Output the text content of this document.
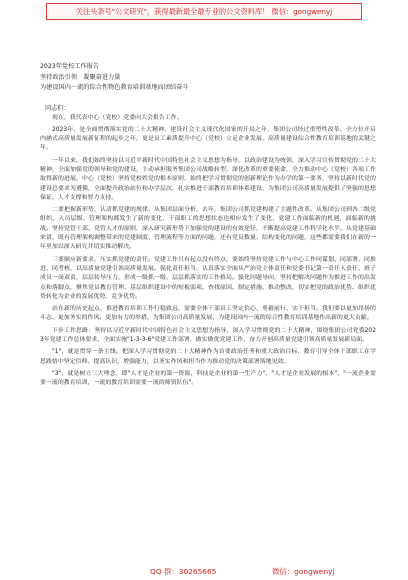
关注头条号"公文研究"，获得最新最全最专业的公文资料库！ 微信：gongwenyj
2023年党校工作报告
坚持政治引领　凝聚奋进力量
为建设国内一流的综合性物色教育培训基地而团结奋斗
同志们：

现在，我代表中心（党校）党委向大会报告工作。

2023年，是全面贯彻落实党的二十大精神、建设社会主义现代化国家的开局之年，集团公司经过重塑性改革、全方位开启内涵式高质量发展新征程的起步之年，更是员工素质提升中心（党校）立足企业发展、高质量建设综合性教育培训基地的关键之年。

一年以来，我们始终坚持以习近平新时代中国特色社会主义思想为指导，以政治建设为统领，深入学习宣传贯彻党的二十大精神，全面加强党的领导和党的建设，主动承担服务集团公司战略转型、深化改革的重要使命，全力推动中心（党校）各项工作取得新的进展。中心（党校）坚持党校姓党的根本原则，始终把学习贯彻党的创新理论作为办学的第一要务，坚持以新时代党的建设总要求为遵循，全面提升政治站位和办学层次，扎实推进干部教育培训体系建设，为集团公司高质量发展提供了坚强的思想保证、人才支撑和智力支持。

二要把握新形势，认清抓党建的规律。从集团层面分析，去年，集团公司抓党建构建了主题性改革。从集团公司到各二级党组织，人员层级、管理架构都发生了新的变化，干部职工的思想状态也相应发生了变化，党建工作面临新的机遇，面临新的挑战。坚持党管干部、党管人才的原则，深入研究新形势下加强党的建设的有效途径，不断提高党建工作科学化水平。从党建基础来讲，既有管理架构调整带来的党建制度、管理流程等方面的问题，还有党员数量、结构变化的问题，这些都需要我们在新的一年里加以深入研究并切实推动解决。

三要顺应新要求，压实抓党建的责任。党建工作只有起点没有终点，要始终坚持党建工作与中心工作同谋划、同部署、同推进、同考核，以高质量党建引领高质量发展。强化责任担当，认真落实全面从严治党主体责任和党委书记第一责任人责任、班子成员一岗双责，层层传导压力，形成一级抓一级、层层抓落实的工作格局。强化问题导向，坚持把解决问题作为推进工作的出发点和落脚点，聚焦党员教育管理、基层组织建设中的短板弱项，查找原因、制定措施、推动整改，切实把党的政治优势、组织优势转化为企业的发展优势、竞争优势。

站在新的历史起点，推进教育培训工作行稳致远，需要全体干部员工坚定信心、勇毅前行、实干担当。我们要以更加昂扬的斗志、更加务实的作风、更加有力的举措，为集团公司高质量发展、为建设国内一流的综合性教育培训基地作出新的更大贡献。

下步工作思路：坚持以习近平新时代中国特色社会主义思想为指导，深入学习贯彻党的二十大精神，围绕集团公司党委2023年党建工作总体要求，全面实施"1-3-3-6"党建工作部署，做实做优党建工作，奋力开创高质量党建引领高质量发展新局面。

"1"，就是贯穿一条主线。把深入学习贯彻党的二十大精神作为首要政治任务和重大政治目标，教育引导全体干部职工在学思践悟中坚定信仰、提高认识，增强能力，以务实作风和担当作为推动党的决策部署落地见效。

"3"，就是树立三大理念。即"人才是企业的第一资源，科技是企业的第一生产力"、"人才是企业发展的根本"、"一流企业需要一流的教育培训，一流的教育培训需要一流的师资队伍"。

QQ 群：30265665	微信：gongwenyj
